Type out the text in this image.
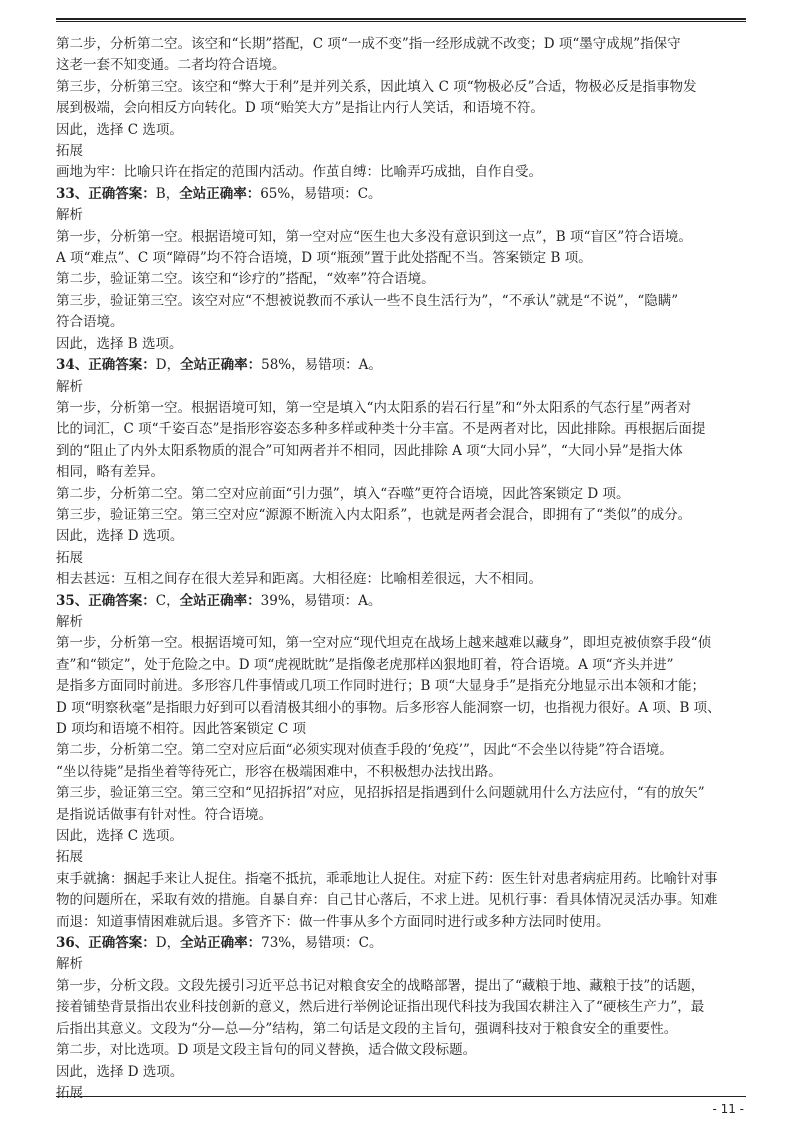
第二步，分析第二空。该空和“长期”搭配，C 项“一成不变”指一经形成就不改变；D 项“墨守成规”指保守
这老一套不知变通。二者均符合语境。
第三步，分析第三空。该空和“弊大于利”是并列关系，因此填入 C 项“物极必反”合适，物极必反是指事物发
展到极端，会向相反方向转化。D 项“贻笑大方”是指让内行人笑话，和语境不符。
因此，选择 C 选项。
拓展
画地为牢：比喻只许在指定的范围内活动。作茧自缚：比喻弄巧成拙，自作自受。
33、正确答案：B，全站正确率：65%，易错项：C。
解析
第一步，分析第一空。根据语境可知，第一空对应“医生也大多没有意识到这一点”，B 项“盲区”符合语境。
A 项“难点”、C 项“障碍”均不符合语境，D 项“瓶颈”置于此处搭配不当。答案锁定 B 项。
第二步，验证第二空。该空和“诊疗的”搭配，“效率”符合语境。
第三步，验证第三空。该空对应“不想被说教而不承认一些不良生活行为”，“不承认”就是“不说”，“隐瞒”
符合语境。
因此，选择 B 选项。
34、正确答案：D，全站正确率：58%，易错项：A。
解析
第一步，分析第一空。根据语境可知，第一空是填入“内太阳系的岩石行星”和“外太阳系的气态行星”两者对
比的词汇，C 项“千姿百态”是指形容姿态多种多样或种类十分丰富。不是两者对比，因此排除。再根据后面提
到的“阻止了内外太阳系物质的混合”可知两者并不相同，因此排除 A 项“大同小异”，“大同小异”是指大体
相同，略有差异。
第二步，分析第二空。第二空对应前面“引力强”，填入“吞噬”更符合语境，因此答案锁定 D 项。
第三步，验证第三空。第三空对应“源源不断流入内太阳系”，也就是两者会混合，即拥有了“类似”的成分。
因此，选择 D 选项。
拓展
相去甚远：互相之间存在很大差异和距离。大相径庭：比喻相差很远，大不相同。
35、正确答案：C，全站正确率：39%，易错项：A。
解析
第一步，分析第一空。根据语境可知，第一空对应“现代坦克在战场上越来越难以藏身”，即坦克被侦察手段“侦
查”和“锁定”，处于危险之中。D 项“虎视眈眈”是指像老虎那样凶狠地盯着，符合语境。A 项“齐头并进”
是指多方面同时前进。多形容几件事情或几项工作同时进行；B 项“大显身手”是指充分地显示出本领和才能；
D 项“明察秋毫”是指眼力好到可以看清极其细小的事物。后多形容人能洞察一切，也指视力很好。A 项、B 项、
D 项均和语境不相符。因此答案锁定 C 项
第二步，分析第二空。第二空对应后面“必须实现对侦查手段的‘免疫’”，因此“不会坐以待毙”符合语境。
“坐以待毙”是指坐着等待死亡，形容在极端困难中，不积极想办法找出路。
第三步，验证第三空。第三空和“见招拆招”对应，见招拆招是指遇到什么问题就用什么方法应付，“有的放矢”
是指说话做事有针对性。符合语境。
因此，选择 C 选项。
拓展
束手就擒：捆起手来让人捉住。指毫不抵抗，乖乖地让人捉住。对症下药：医生针对患者病症用药。比喻针对事
物的问题所在，采取有效的措施。自暴自弃：自己甘心落后，不求上进。见机行事：看具体情况灵活办事。知难
而退：知道事情困难就后退。多管齐下：做一件事从多个方面同时进行或多种方法同时使用。
36、正确答案：D，全站正确率：73%，易错项：C。
解析
第一步，分析文段。文段先援引习近平总书记对粮食安全的战略部署，提出了“藏粮于地、藏粮于技”的话题，
接着铺垫背景指出农业科技创新的意义，然后进行举例论证指出现代科技为我国农耕注入了“硬核生产力”，最
后指出其意义。文段为“分—总—分”结构，第二句话是文段的主旨句，强调科技对于粮食安全的重要性。
第二步，对比选项。D 项是文段主旨句的同义替换，适合做文段标题。
因此，选择 D 选项。
拓展
- 11 -
